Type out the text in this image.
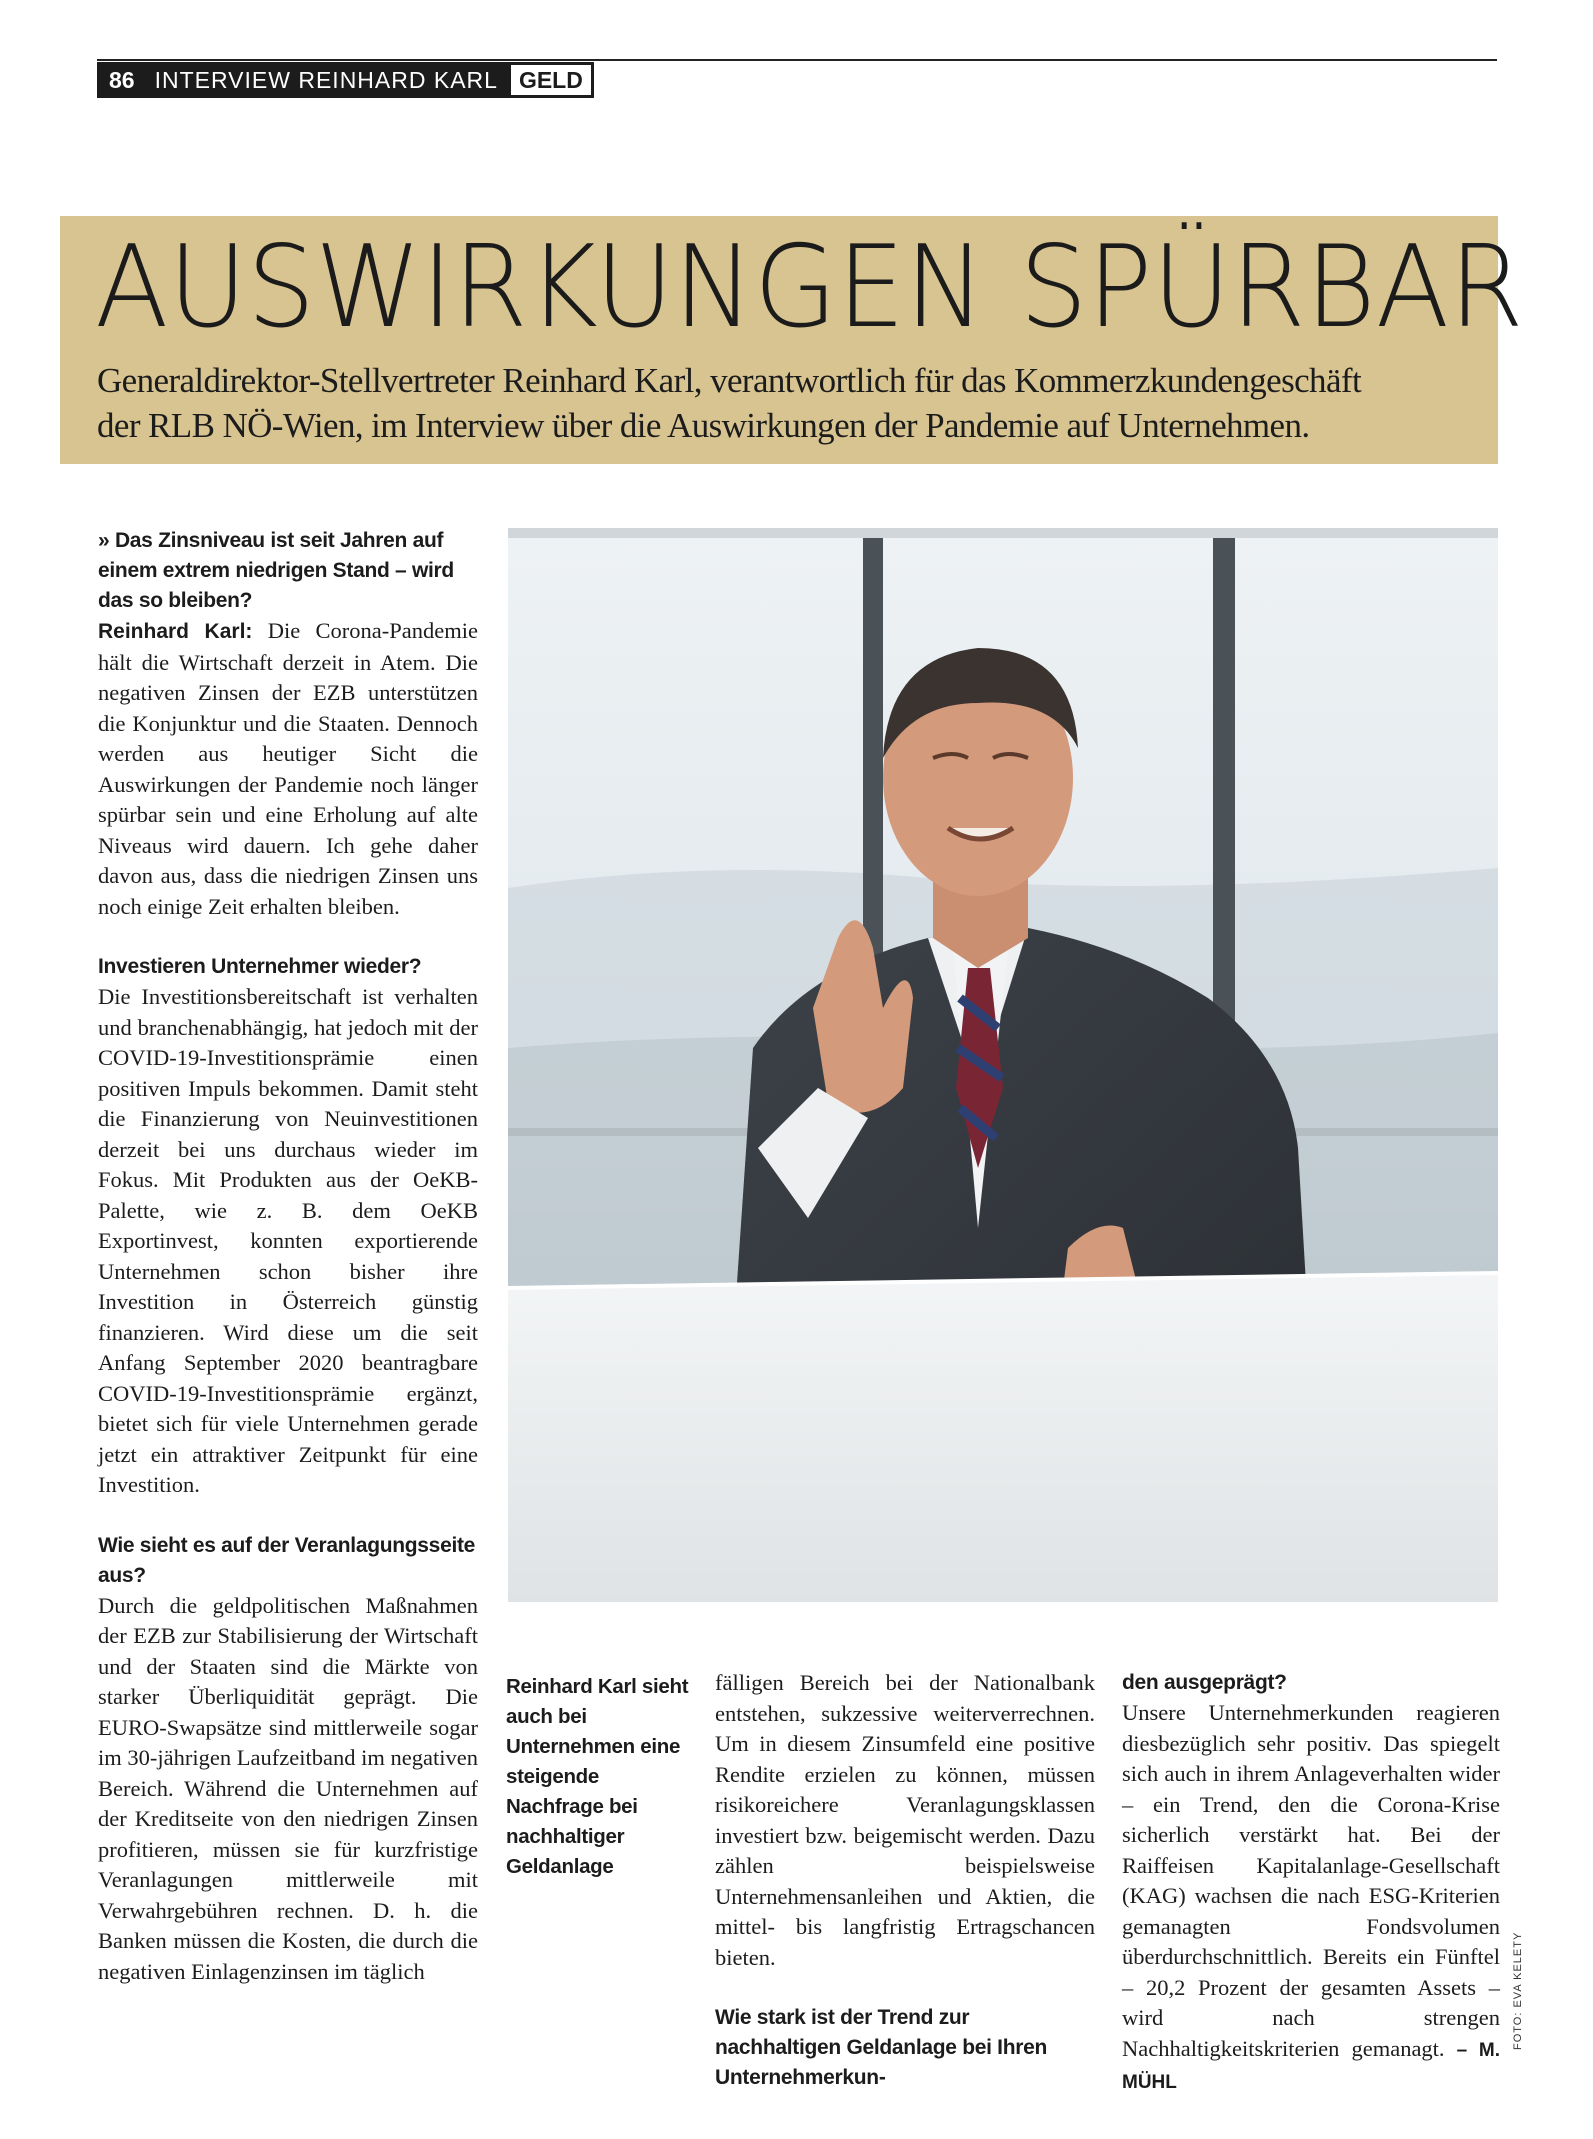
86 INTERVIEW REINHARD KARL GELD
AUSWIRKUNGEN SPÜRBAR
Generaldirektor-Stellvertreter Reinhard Karl, verantwortlich für das Kommerzkundengeschäft
der RLB NÖ-Wien, im Interview über die Auswirkungen der Pandemie auf Unternehmen.

» Das Zinsniveau ist seit Jahren auf einem extrem niedrigen Stand – wird das so bleiben?

Reinhard Karl: Die Corona-Pandemie hält die Wirtschaft derzeit in Atem. Die negativen Zinsen der EZB unterstützen die Konjunktur und die Staaten. Dennoch werden aus heutiger Sicht die Auswirkungen der Pandemie noch länger spürbar sein und eine Erholung auf alte Niveaus wird dauern. Ich gehe daher davon aus, dass die niedrigen Zinsen uns noch einige Zeit erhalten bleiben.

Investieren Unternehmer wieder?

Die Investitionsbereitschaft ist verhalten und branchenabhängig, hat jedoch mit der COVID-19-Investitionsprämie einen positiven Impuls bekommen. Damit steht die Finanzierung von Neuinvestitionen derzeit bei uns durchaus wieder im Fokus. Mit Produkten aus der OeKB-Palette, wie z. B. dem OeKB Exportinvest, konnten exportierende Unternehmen schon bisher ihre Investition in Österreich günstig finanzieren. Wird diese um die seit Anfang September 2020 beantragbare COVID-19-Investitionsprämie ergänzt, bietet sich für viele Unternehmen gerade jetzt ein attraktiver Zeitpunkt für eine Investition.

Wie sieht es auf der Veranlagungsseite aus?

Durch die geldpolitischen Maßnahmen der EZB zur Stabilisierung der Wirtschaft und der Staaten sind die Märkte von starker Überliquidität geprägt. Die EURO-Swapsätze sind mittlerweile sogar im 30-jährigen Laufzeitband im negativen Bereich. Während die Unternehmen auf der Kreditseite von den niedrigen Zinsen profitieren, müssen sie für kurzfristige Veranlagungen mittlerweile mit Verwahrgebühren rechnen. D. h. die Banken müssen die Kosten, die durch die negativen Einlagenzinsen im täglich

Reinhard Karl sieht auch bei Unternehmen eine steigende Nachfrage bei nachhaltiger Geldanlage

fälligen Bereich bei der Nationalbank entstehen, sukzessive weiterverrechnen. Um in diesem Zinsumfeld eine positive Rendite erzielen zu können, müssen risikoreichere Veranlagungsklassen investiert bzw. beigemischt werden. Dazu zählen beispielsweise Unternehmensanleihen und Aktien, die mittel- bis langfristig Ertragschancen bieten.

Wie stark ist der Trend zur nachhaltigen Geldanlage bei Ihren Unternehmerkun-

den ausgeprägt?

Unsere Unternehmerkunden reagieren diesbezüglich sehr positiv. Das spiegelt sich auch in ihrem Anlageverhalten wider – ein Trend, den die Corona-Krise sicherlich verstärkt hat. Bei der Raiffeisen Kapitalanlage-Gesellschaft (KAG) wachsen die nach ESG-Kriterien gemanagten Fondsvolumen überdurchschnittlich. Bereits ein Fünftel – 20,2 Prozent der gesamten Assets – wird nach strengen Nachhaltigkeitskriterien gemanagt. – M. MÜHL

FOTO: EVA KELETY
